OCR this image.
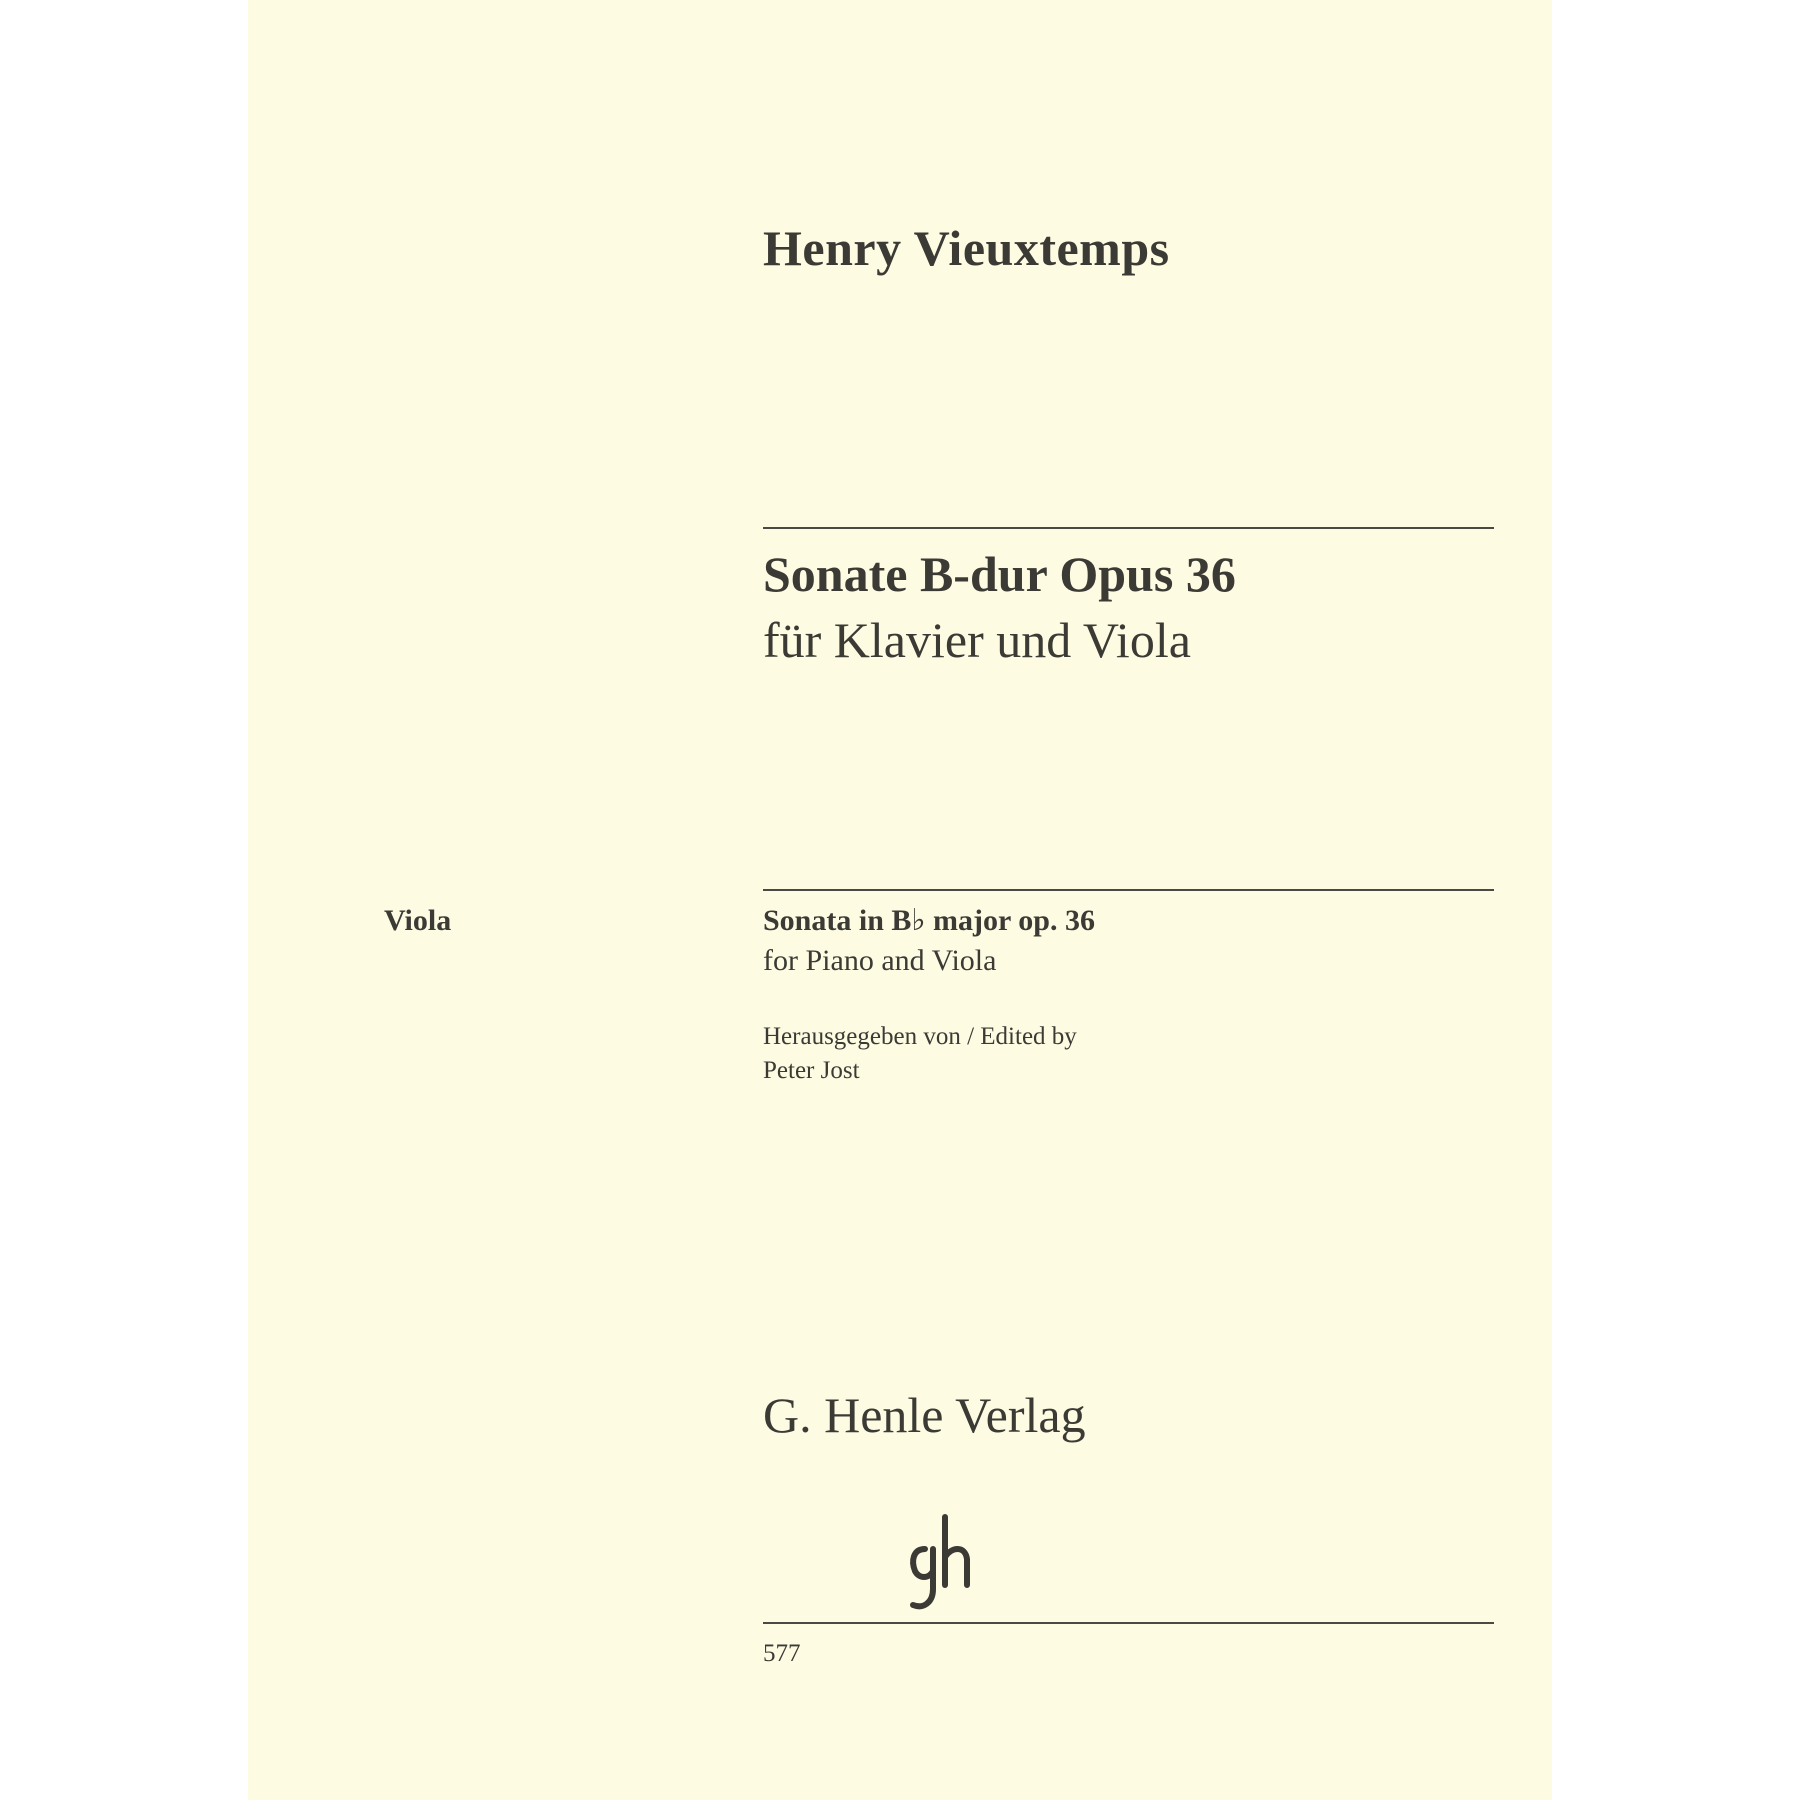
Henry Vieuxtemps
Sonate B-dur Opus 36
für Klavier und Viola
Viola	Sonata in B♭ major op. 36
for Piano and Viola
Herausgegeben von / Edited by
Peter Jost
G. Henle Verlag
577
